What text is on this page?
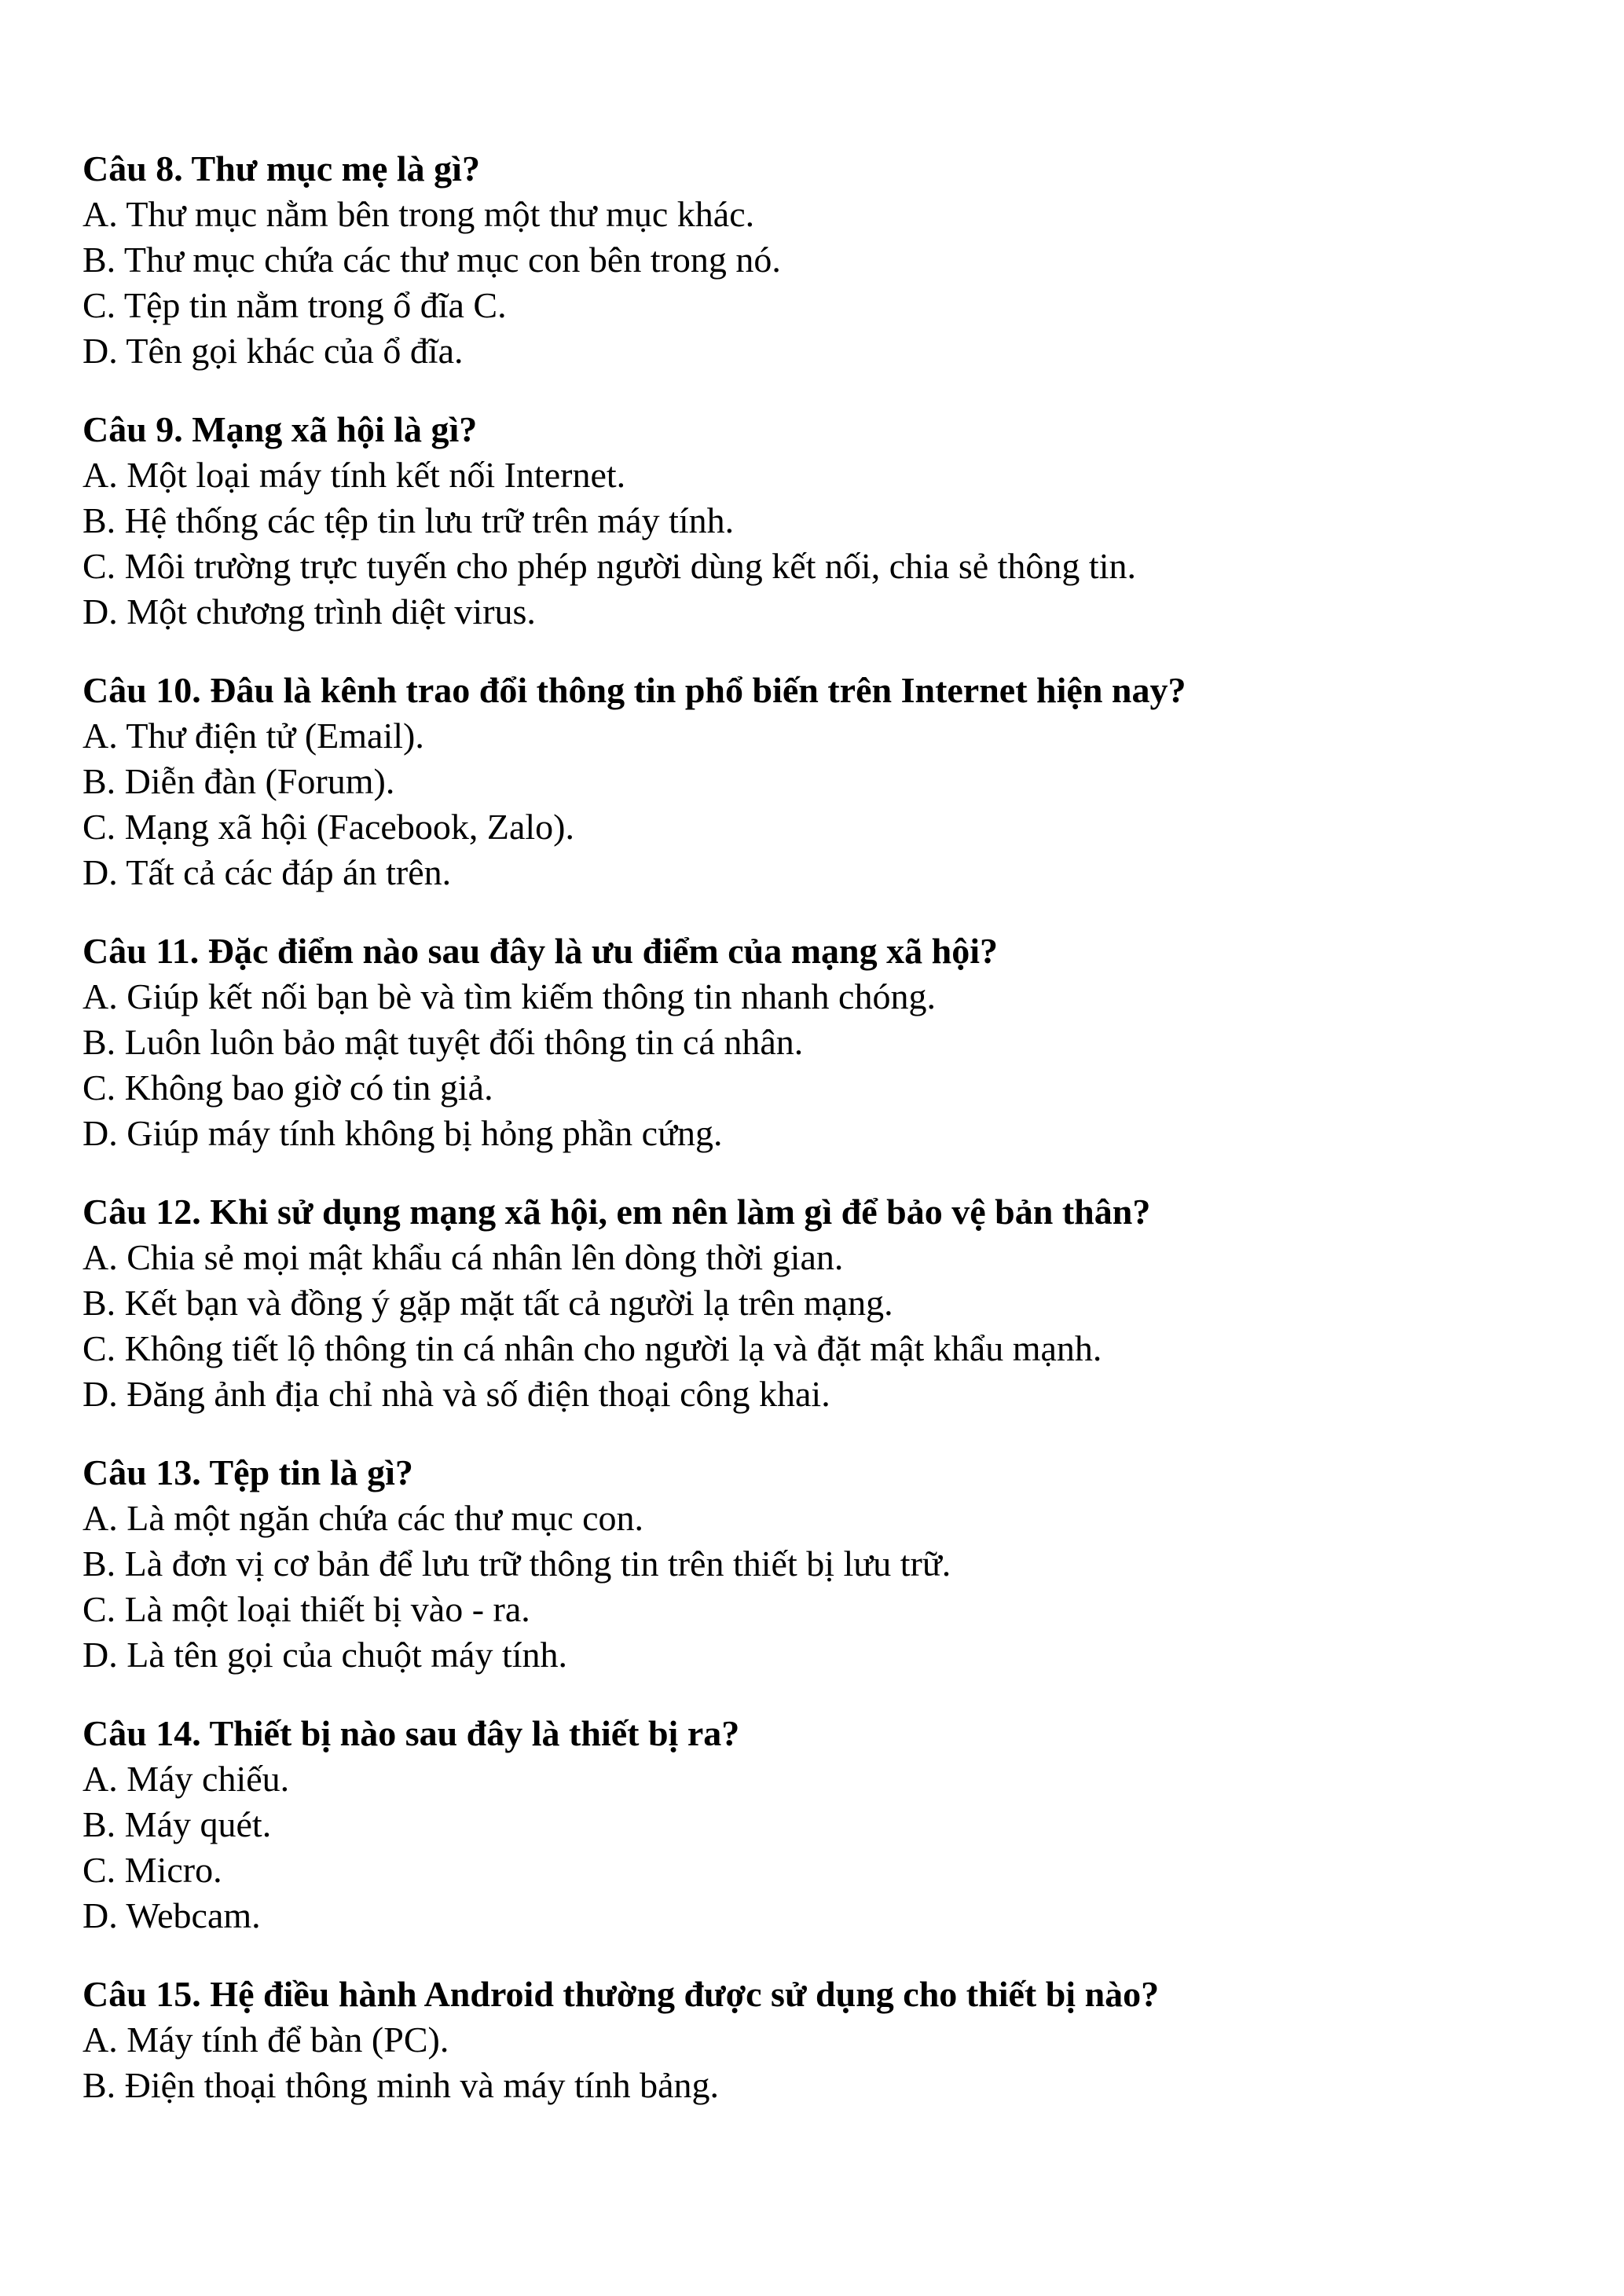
Câu 8. Thư mục mẹ là gì?

A. Thư mục nằm bên trong một thư mục khác.

B. Thư mục chứa các thư mục con bên trong nó.

C. Tệp tin nằm trong ổ đĩa C.

D. Tên gọi khác của ổ đĩa.

Câu 9. Mạng xã hội là gì?

A. Một loại máy tính kết nối Internet.

B. Hệ thống các tệp tin lưu trữ trên máy tính.

C. Môi trường trực tuyến cho phép người dùng kết nối, chia sẻ thông tin.

D. Một chương trình diệt virus.

Câu 10. Đâu là kênh trao đổi thông tin phổ biến trên Internet hiện nay?

A. Thư điện tử (Email).

B. Diễn đàn (Forum).

C. Mạng xã hội (Facebook, Zalo).

D. Tất cả các đáp án trên.

Câu 11. Đặc điểm nào sau đây là ưu điểm của mạng xã hội?

A. Giúp kết nối bạn bè và tìm kiếm thông tin nhanh chóng.

B. Luôn luôn bảo mật tuyệt đối thông tin cá nhân.

C. Không bao giờ có tin giả.

D. Giúp máy tính không bị hỏng phần cứng.

Câu 12. Khi sử dụng mạng xã hội, em nên làm gì để bảo vệ bản thân?

A. Chia sẻ mọi mật khẩu cá nhân lên dòng thời gian.

B. Kết bạn và đồng ý gặp mặt tất cả người lạ trên mạng.

C. Không tiết lộ thông tin cá nhân cho người lạ và đặt mật khẩu mạnh.

D. Đăng ảnh địa chỉ nhà và số điện thoại công khai.

Câu 13. Tệp tin là gì?

A. Là một ngăn chứa các thư mục con.

B. Là đơn vị cơ bản để lưu trữ thông tin trên thiết bị lưu trữ.

C. Là một loại thiết bị vào - ra.

D. Là tên gọi của chuột máy tính.

Câu 14. Thiết bị nào sau đây là thiết bị ra?

A. Máy chiếu.

B. Máy quét.

C. Micro.

D. Webcam.

Câu 15. Hệ điều hành Android thường được sử dụng cho thiết bị nào?

A. Máy tính để bàn (PC).

B. Điện thoại thông minh và máy tính bảng.
